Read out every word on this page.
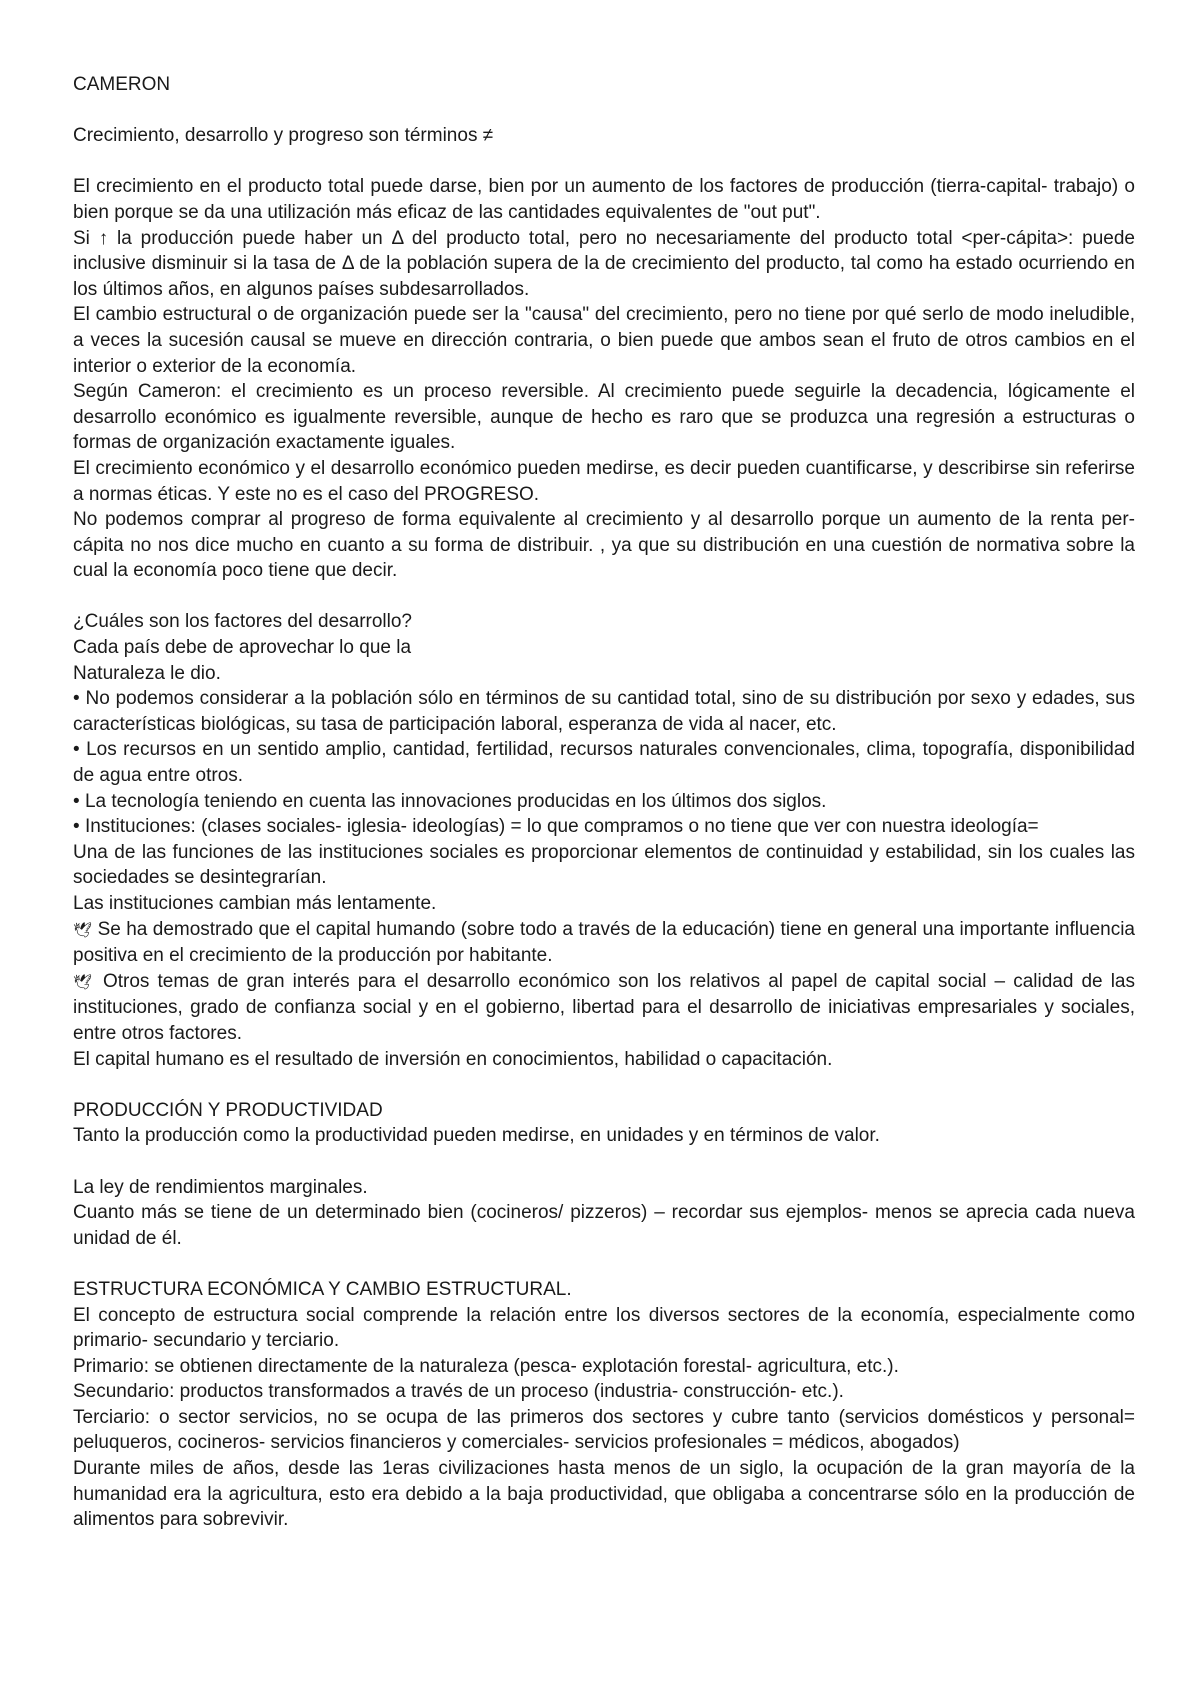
CAMERON
Crecimiento, desarrollo y progreso son términos ≠
El crecimiento en el producto total puede darse, bien por un aumento de los factores de producción (tierra-capital- trabajo) o bien porque se da una utilización más eficaz de las cantidades equivalentes de "out put".
Si ↑ la producción puede haber un Δ del producto total, pero no necesariamente del producto total <per-cápita>: puede inclusive disminuir si la tasa de Δ de la población supera de la de crecimiento del producto, tal como ha estado ocurriendo en los últimos años, en algunos países subdesarrollados.
El cambio estructural o de organización puede ser la "causa" del crecimiento, pero no tiene por qué serlo de modo ineludible, a veces la sucesión causal se mueve en dirección contraria, o bien puede que ambos sean el fruto de otros cambios en el interior o exterior de la economía.
Según Cameron: el crecimiento es un proceso reversible. Al crecimiento puede seguirle la decadencia, lógicamente el desarrollo económico es igualmente reversible, aunque de hecho es raro que se produzca una regresión a estructuras o formas de organización exactamente iguales.
El crecimiento económico y el desarrollo económico pueden medirse, es decir pueden cuantificarse, y describirse sin referirse a normas éticas. Y este no es el caso del PROGRESO.
No podemos comprar al progreso de forma equivalente al crecimiento y al desarrollo porque un aumento de la renta per- cápita no nos dice mucho en cuanto a su forma de distribuir. , ya que su distribución en una cuestión de normativa sobre la cual la economía poco tiene que decir.
¿Cuáles son los factores del desarrollo?
Cada país debe de aprovechar lo que la
Naturaleza le dio.
• No podemos considerar a la población sólo en términos de su cantidad total, sino de su distribución por sexo y edades, sus características biológicas, su tasa de participación laboral, esperanza de vida al nacer, etc.
• Los recursos en un sentido amplio, cantidad, fertilidad, recursos naturales convencionales, clima, topografía, disponibilidad de agua entre otros.
• La tecnología teniendo en cuenta las innovaciones producidas en los últimos dos siglos.
• Instituciones: (clases sociales- iglesia- ideologías) = lo que compramos o no tiene que ver con nuestra ideología=
Una de las funciones de las instituciones sociales es proporcionar elementos de continuidad y estabilidad, sin los cuales las sociedades se desintegrarían.
Las instituciones cambian más lentamente.
🕊 Se ha demostrado que el capital humando (sobre todo a través de la educación) tiene en general una importante influencia positiva en el crecimiento de la producción por habitante.
🕊 Otros temas de gran interés para el desarrollo económico son los relativos al papel de capital social – calidad de las instituciones, grado de confianza social y en el gobierno, libertad para el desarrollo de iniciativas empresariales y sociales, entre otros factores.
El capital humano es el resultado de inversión en conocimientos, habilidad o capacitación.
PRODUCCIÓN Y PRODUCTIVIDAD
Tanto la producción como la productividad pueden medirse, en unidades y en términos de valor.
La ley de rendimientos marginales.
Cuanto más se tiene de un determinado bien (cocineros/ pizzeros) – recordar sus ejemplos- menos se aprecia cada nueva unidad de él.
ESTRUCTURA ECONÓMICA Y CAMBIO ESTRUCTURAL.
El concepto de estructura social comprende la relación entre los diversos sectores de la economía, especialmente como primario- secundario y terciario.
Primario: se obtienen directamente de la naturaleza (pesca- explotación forestal- agricultura, etc.).
Secundario: productos transformados a través de un proceso (industria- construcción- etc.).
Terciario: o sector servicios, no se ocupa de las primeros dos sectores y cubre tanto (servicios domésticos y personal= peluqueros, cocineros- servicios financieros y comerciales- servicios profesionales = médicos, abogados)
Durante miles de años, desde las 1eras civilizaciones hasta menos de un siglo, la ocupación de la gran mayoría de la humanidad era la agricultura, esto era debido a la baja productividad, que obligaba a concentrarse sólo en la producción de alimentos para sobrevivir.
